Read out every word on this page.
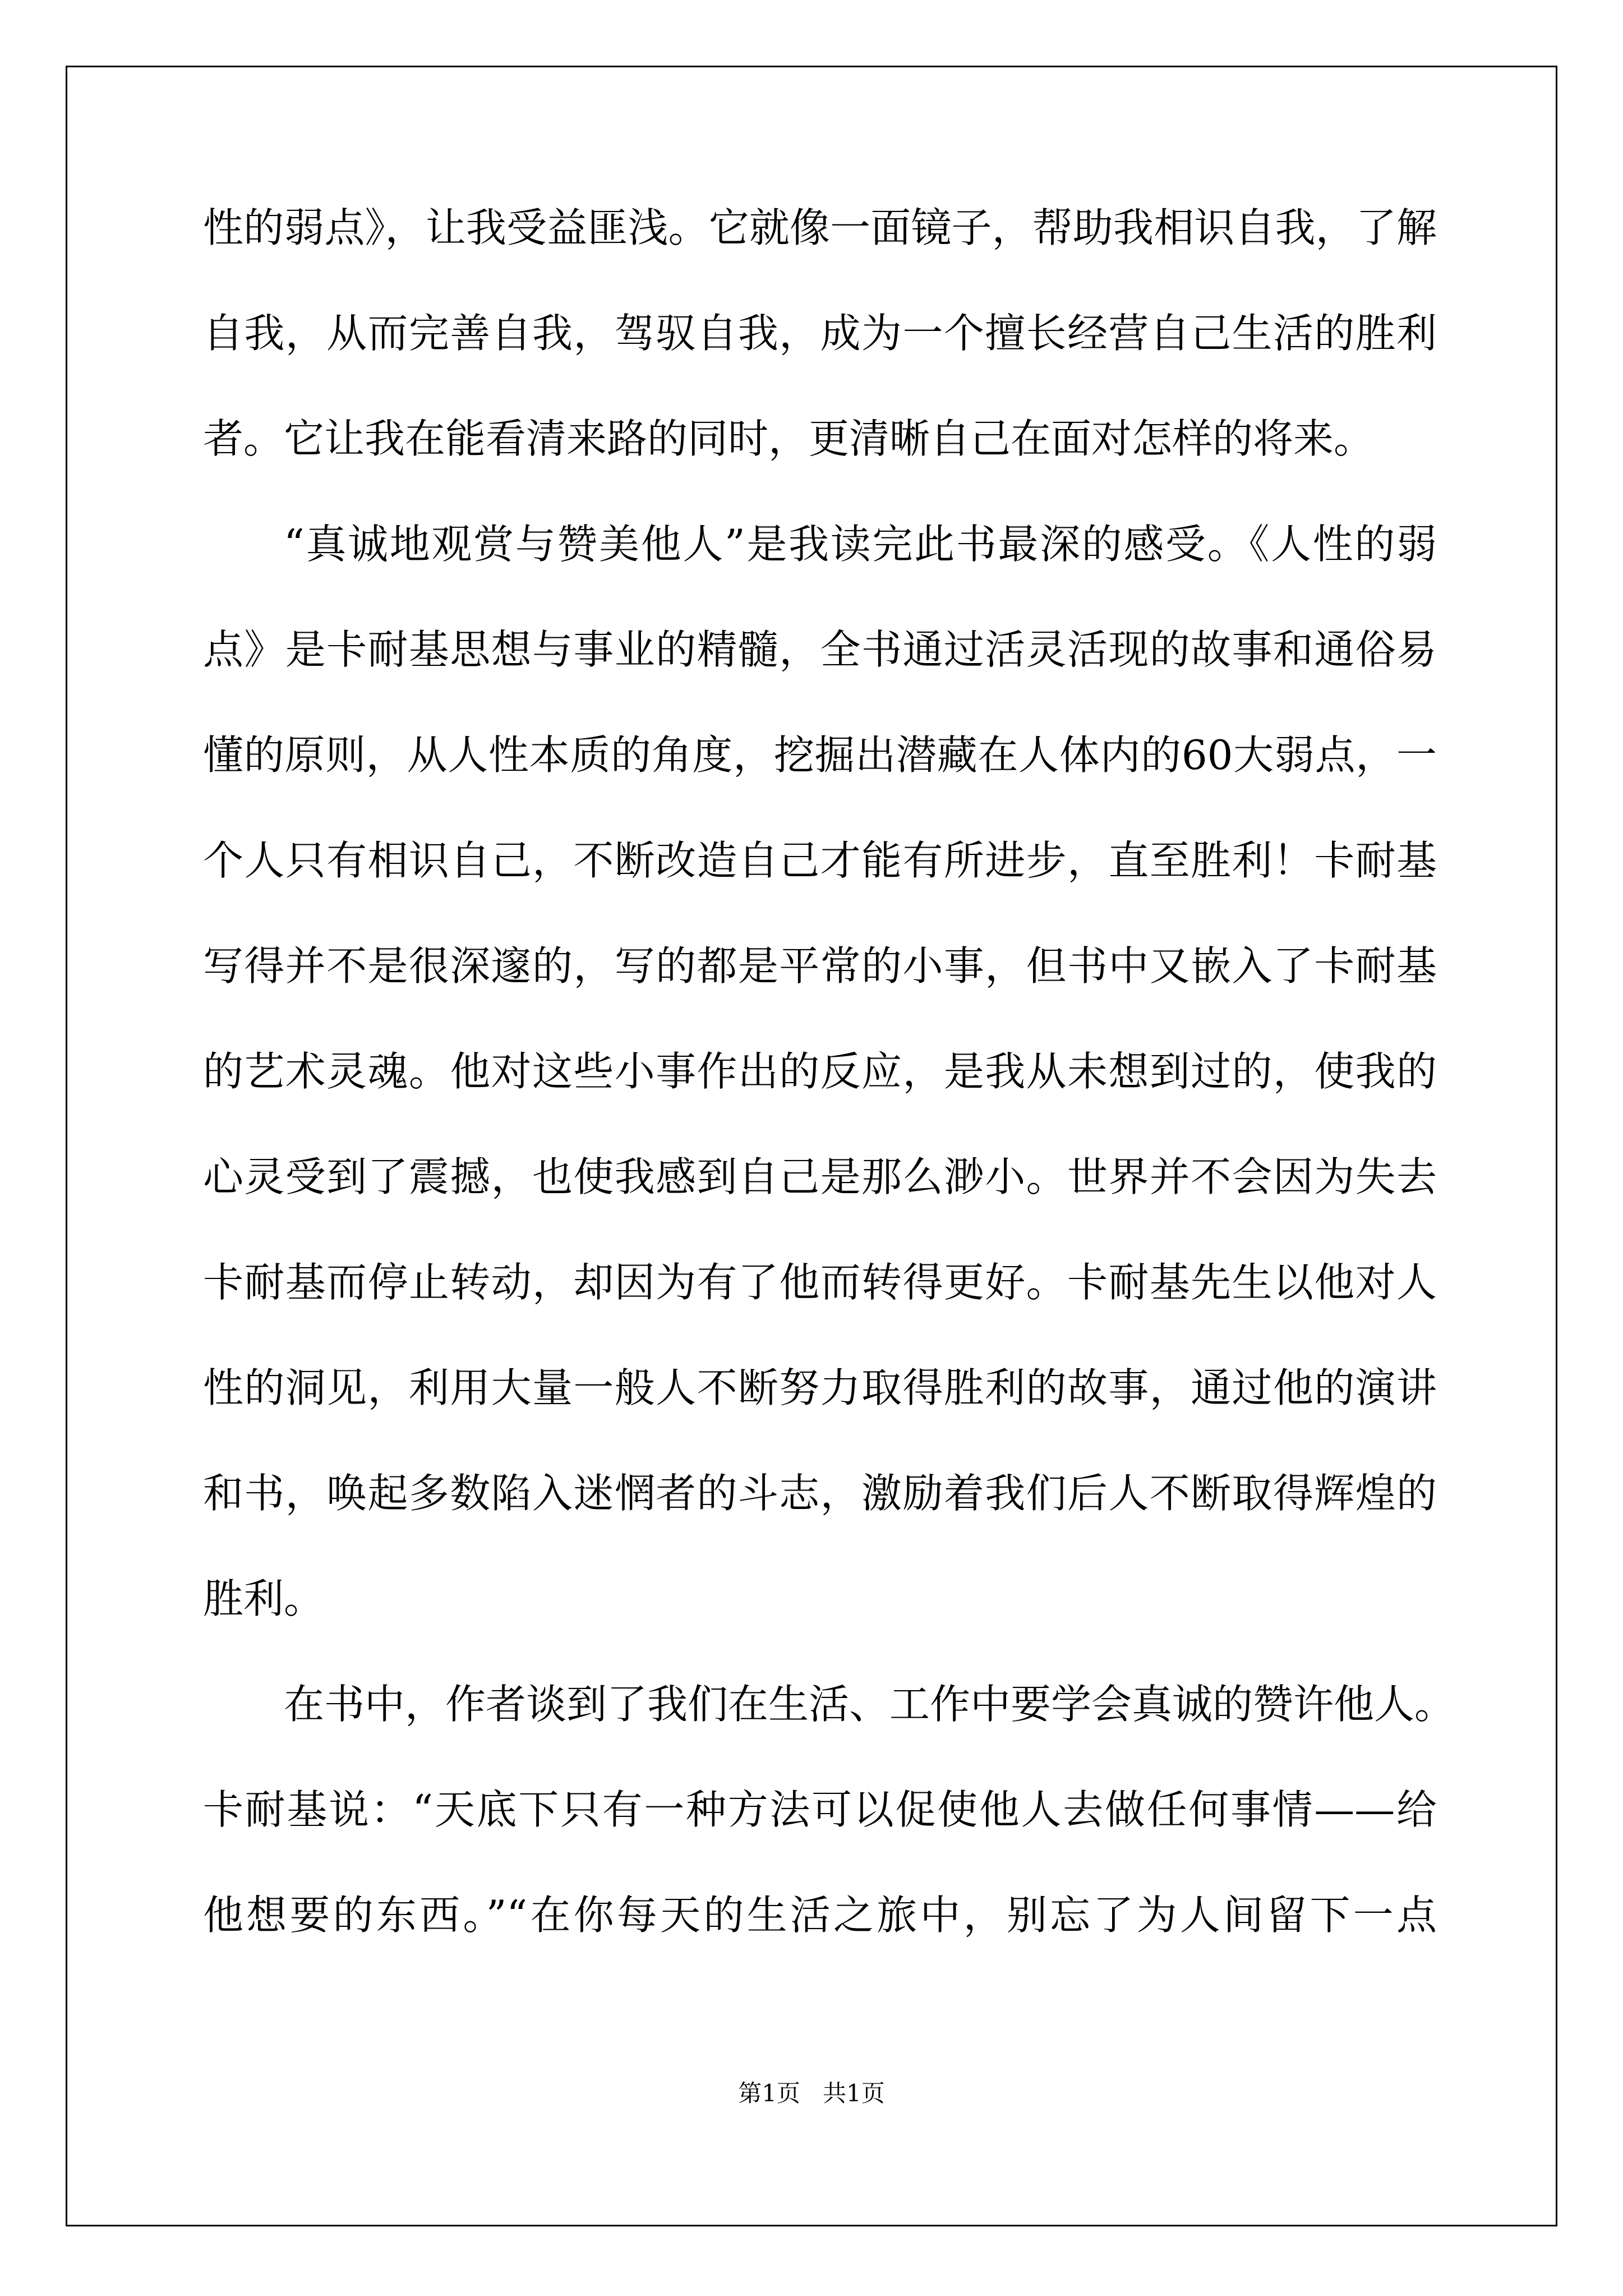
性的弱点》，让我受益匪浅。它就像一面镜子，帮助我相识自我，了解
自我，从而完善自我，驾驭自我，成为一个擅长经营自己生活的胜利
者。它让我在能看清来路的同时，更清晰自己在面对怎样的将来。
“真诚地观赏与赞美他人”是我读完此书最深的感受。《人性的弱
点》是卡耐基思想与事业的精髓，全书通过活灵活现的故事和通俗易
懂的原则，从人性本质的角度，挖掘出潜藏在人体内的60大弱点，一
个人只有相识自己，不断改造自己才能有所进步，直至胜利！卡耐基
写得并不是很深邃的，写的都是平常的小事，但书中又嵌入了卡耐基
的艺术灵魂。他对这些小事作出的反应，是我从未想到过的，使我的
心灵受到了震撼，也使我感到自己是那么渺小。世界并不会因为失去
卡耐基而停止转动，却因为有了他而转得更好。卡耐基先生以他对人
性的洞见，利用大量一般人不断努力取得胜利的故事，通过他的演讲
和书，唤起多数陷入迷惘者的斗志，激励着我们后人不断取得辉煌的
胜利。
在书中，作者谈到了我们在生活、工作中要学会真诚的赞许他人。
卡耐基说：“天底下只有一种方法可以促使他人去做任何事情——给
他想要的东西。”“在你每天的生活之旅中，别忘了为人间留下一点
第1页   共1页
